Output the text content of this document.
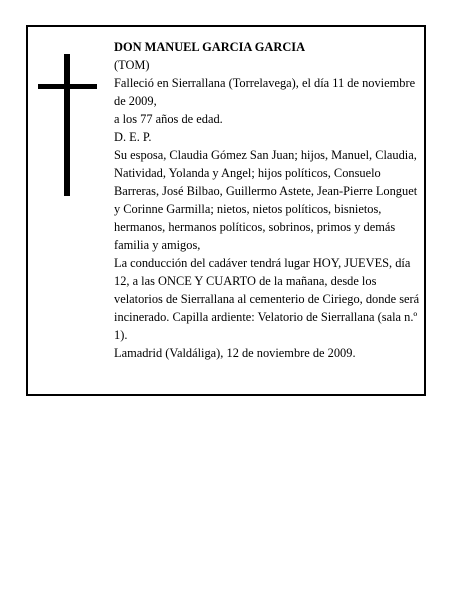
DON MANUEL GARCIA GARCIA

(TOM)

Falleció en Sierrallana (Torrelavega), el día 11 de noviembre de 2009,

a los 77 años de edad.

D. E. P.

Su esposa, Claudia Gómez San Juan; hijos, Manuel, Claudia, Natividad, Yolanda y Angel; hijos políticos, Consuelo Barreras, José Bilbao, Guillermo Astete, Jean-Pierre Longuet y Corinne Garmilla; nietos, nietos políticos, bisnietos, hermanos, hermanos políticos, sobrinos, primos y demás familia y amigos,

La conducción del cadáver tendrá lugar HOY, JUEVES, día 12, a las ONCE Y CUARTO de la mañana, desde los velatorios de Sierrallana al cementerio de Ciriego, donde será incinerado. Capilla ardiente: Velatorio de Sierrallana (sala n.º 1).

Lamadrid (Valdáliga), 12 de noviembre de 2009.
